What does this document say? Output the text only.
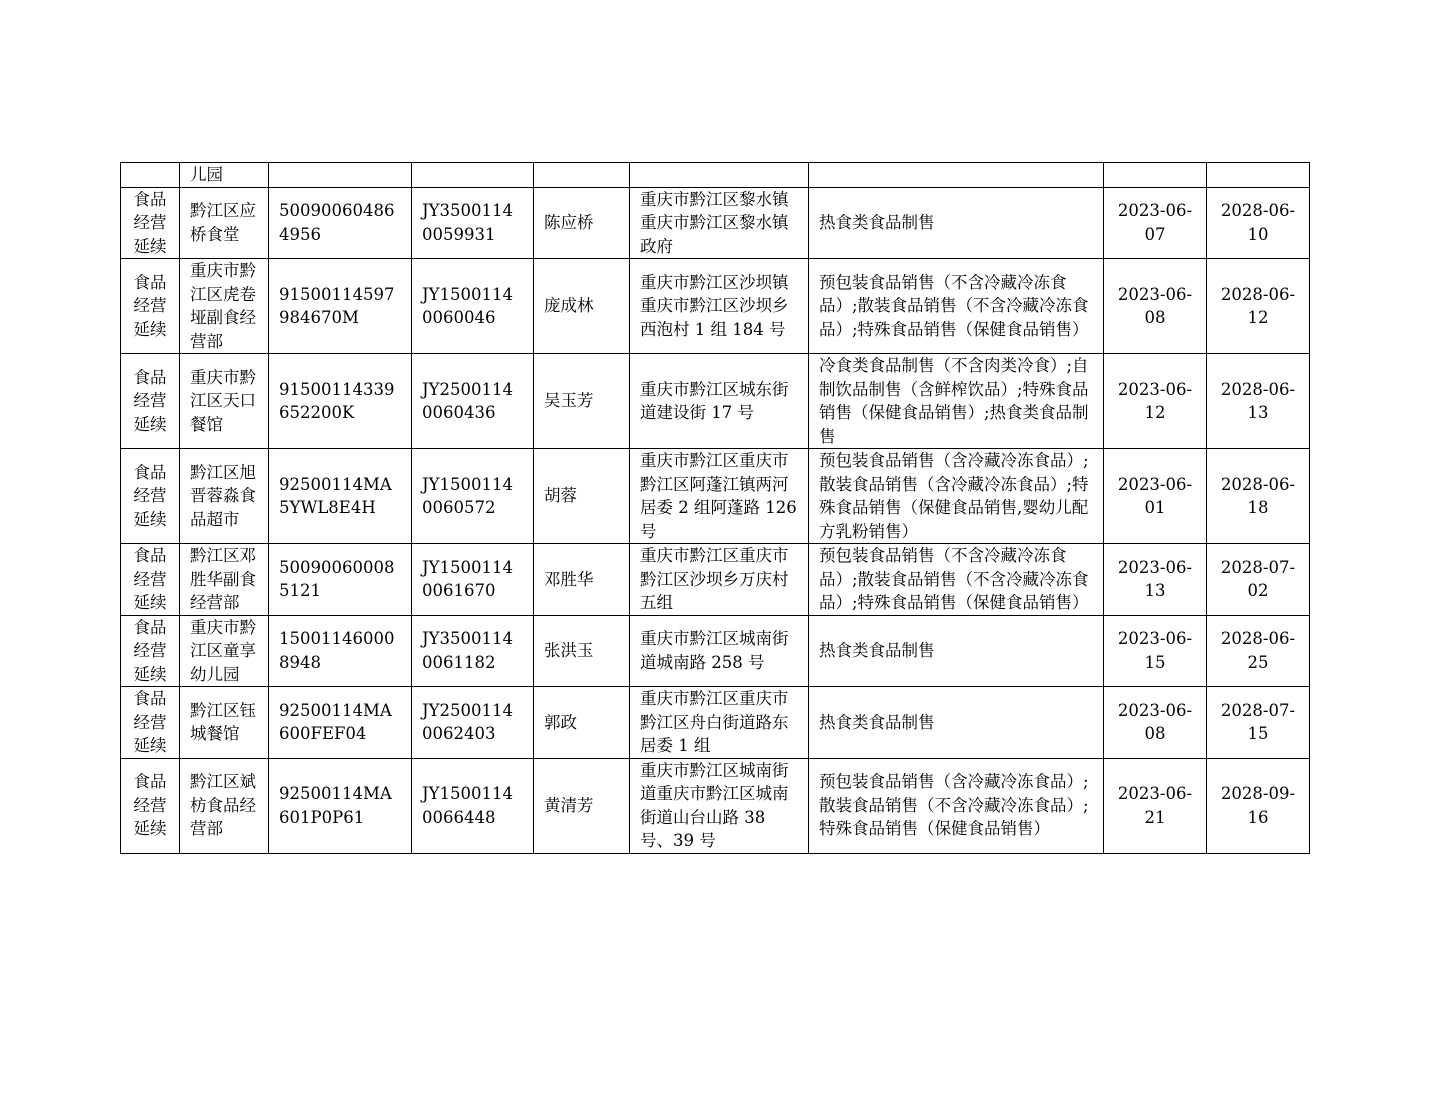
	儿园							
食品经营延续	黔江区应桥食堂	500900604864956	JY35001140059931	陈应桥	重庆市黔江区黎水镇重庆市黔江区黎水镇政府	热食类食品制售	2023-06-07	2028-06-10
食品经营延续	重庆市黔江区虎卷垭副食经营部	91500114597984670M	JY15001140060046	庞成林	重庆市黔江区沙坝镇重庆市黔江区沙坝乡西泡村 1 组 184 号	预包装食品销售（不含冷藏冷冻食品）;散装食品销售（不含冷藏冷冻食品）;特殊食品销售（保健食品销售）	2023-06-08	2028-06-12
食品经营延续	重庆市黔江区天口餐馆	91500114339652200K	JY25001140060436	吴玉芳	重庆市黔江区城东街道建设街 17 号	冷食类食品制售（不含肉类冷食）;自制饮品制售（含鲜榨饮品）;特殊食品销售（保健食品销售）;热食类食品制售	2023-06-12	2028-06-13
食品经营延续	黔江区旭晋蓉淼食品超市	92500114MA5YWL8E4H	JY15001140060572	胡蓉	重庆市黔江区重庆市黔江区阿蓬江镇两河居委 2 组阿蓬路 126 号	预包装食品销售（含冷藏冷冻食品）;散装食品销售（含冷藏冷冻食品）;特殊食品销售（保健食品销售,婴幼儿配方乳粉销售）	2023-06-01	2028-06-18
食品经营延续	黔江区邓胜华副食经营部	500900600085121	JY15001140061670	邓胜华	重庆市黔江区重庆市黔江区沙坝乡万庆村五组	预包装食品销售（不含冷藏冷冻食品）;散装食品销售（不含冷藏冷冻食品）;特殊食品销售（保健食品销售）	2023-06-13	2028-07-02
食品经营延续	重庆市黔江区童享幼儿园	150011460008948	JY35001140061182	张洪玉	重庆市黔江区城南街道城南路 258 号	热食类食品制售	2023-06-15	2028-06-25
食品经营延续	黔江区钰城餐馆	92500114MA600FEF04	JY25001140062403	郭政	重庆市黔江区重庆市黔江区舟白街道路东居委 1 组	热食类食品制售	2023-06-08	2028-07-15
食品经营延续	黔江区斌枋食品经营部	92500114MA601P0P61	JY15001140066448	黄清芳	重庆市黔江区城南街道重庆市黔江区城南街道山台山路 38 号、39 号	预包装食品销售（含冷藏冷冻食品）;散装食品销售（不含冷藏冷冻食品）;特殊食品销售（保健食品销售）	2023-06-21	2028-09-16
